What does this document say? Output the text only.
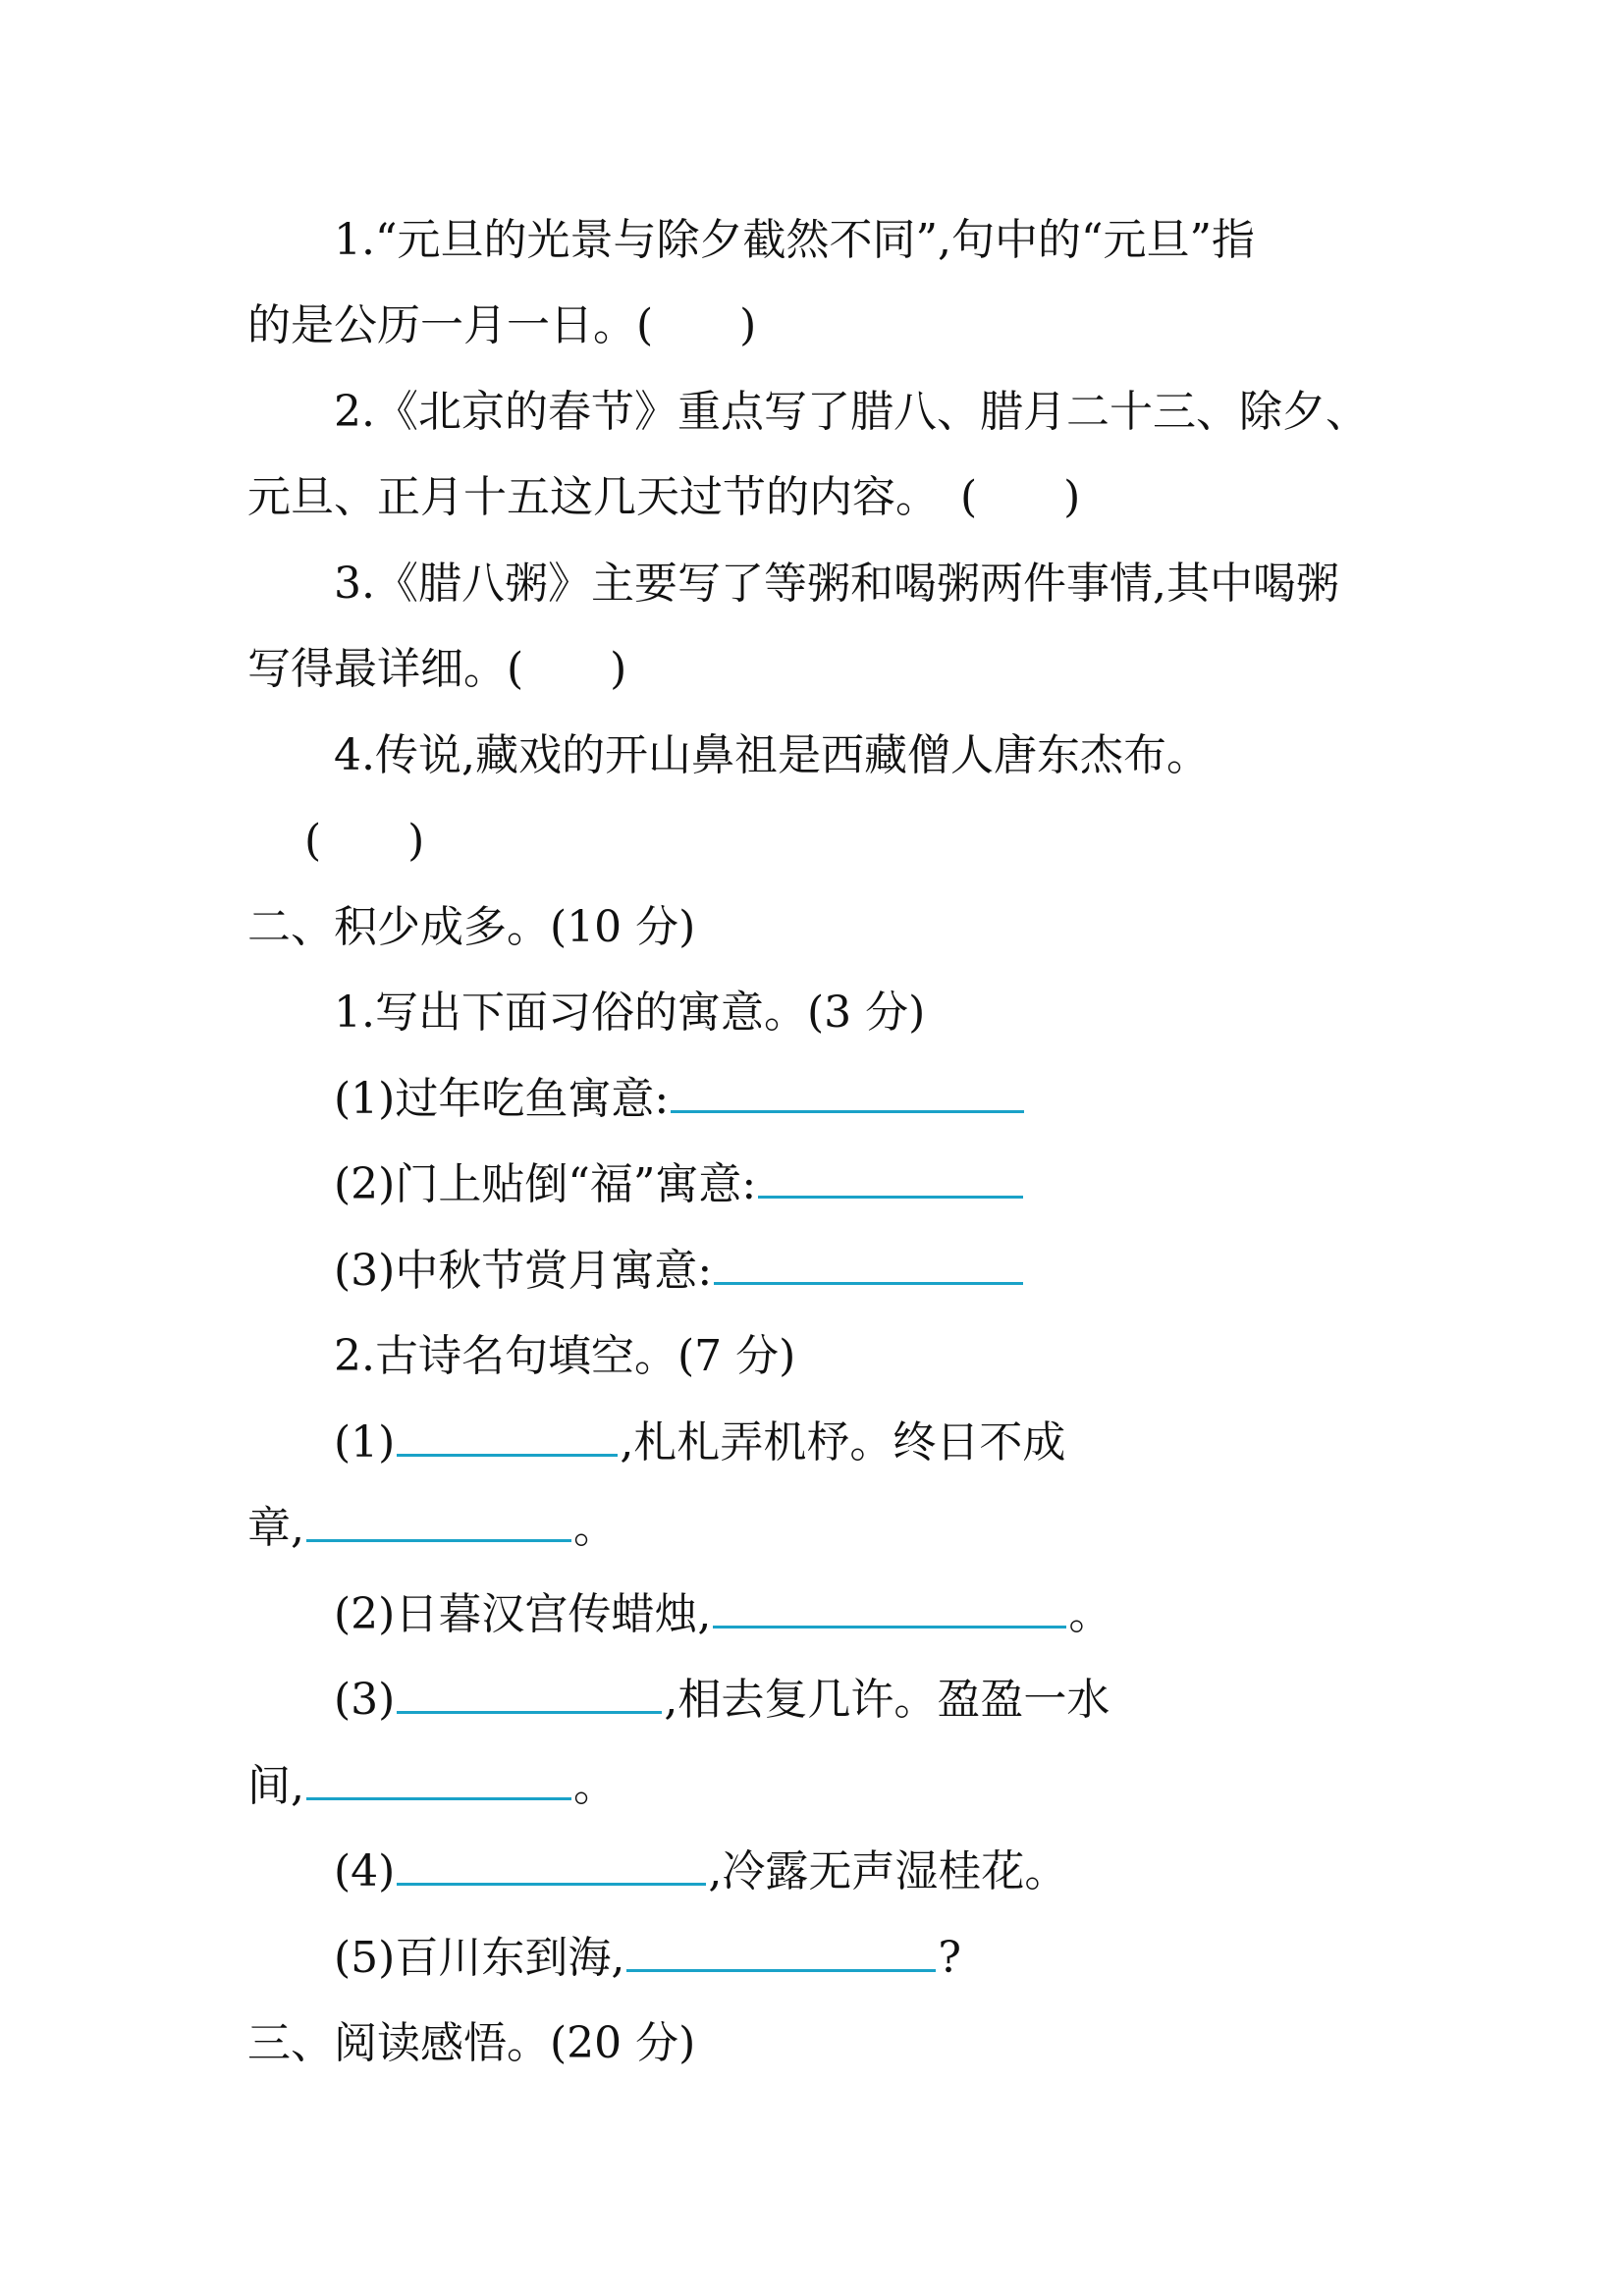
1.“元旦的光景与除夕截然不同”,句中的“元旦”指
的是公历一月一日。(　　)
2.《北京的春节》重点写了腊八、腊月二十三、除夕、
元旦、正月十五这几天过节的内容。　(　　)
3.《腊八粥》主要写了等粥和喝粥两件事情,其中喝粥
写得最详细。(　　)
4.传说,藏戏的开山鼻祖是西藏僧人唐东杰布。
(　　)
二、积少成多。(10 分)
1.写出下面习俗的寓意。(3 分)
(1)过年吃鱼寓意:
(2)门上贴倒“福”寓意:
(3)中秋节赏月寓意:
2.古诗名句填空。(7 分)
(1)	,札札弄机杼。终日不成
章,	。
(2)日暮汉宫传蜡烛,	。
(3)	,相去复几许。盈盈一水
间,	。
(4)	,冷露无声湿桂花。
(5)百川东到海,	?
三、阅读感悟。(20 分)
